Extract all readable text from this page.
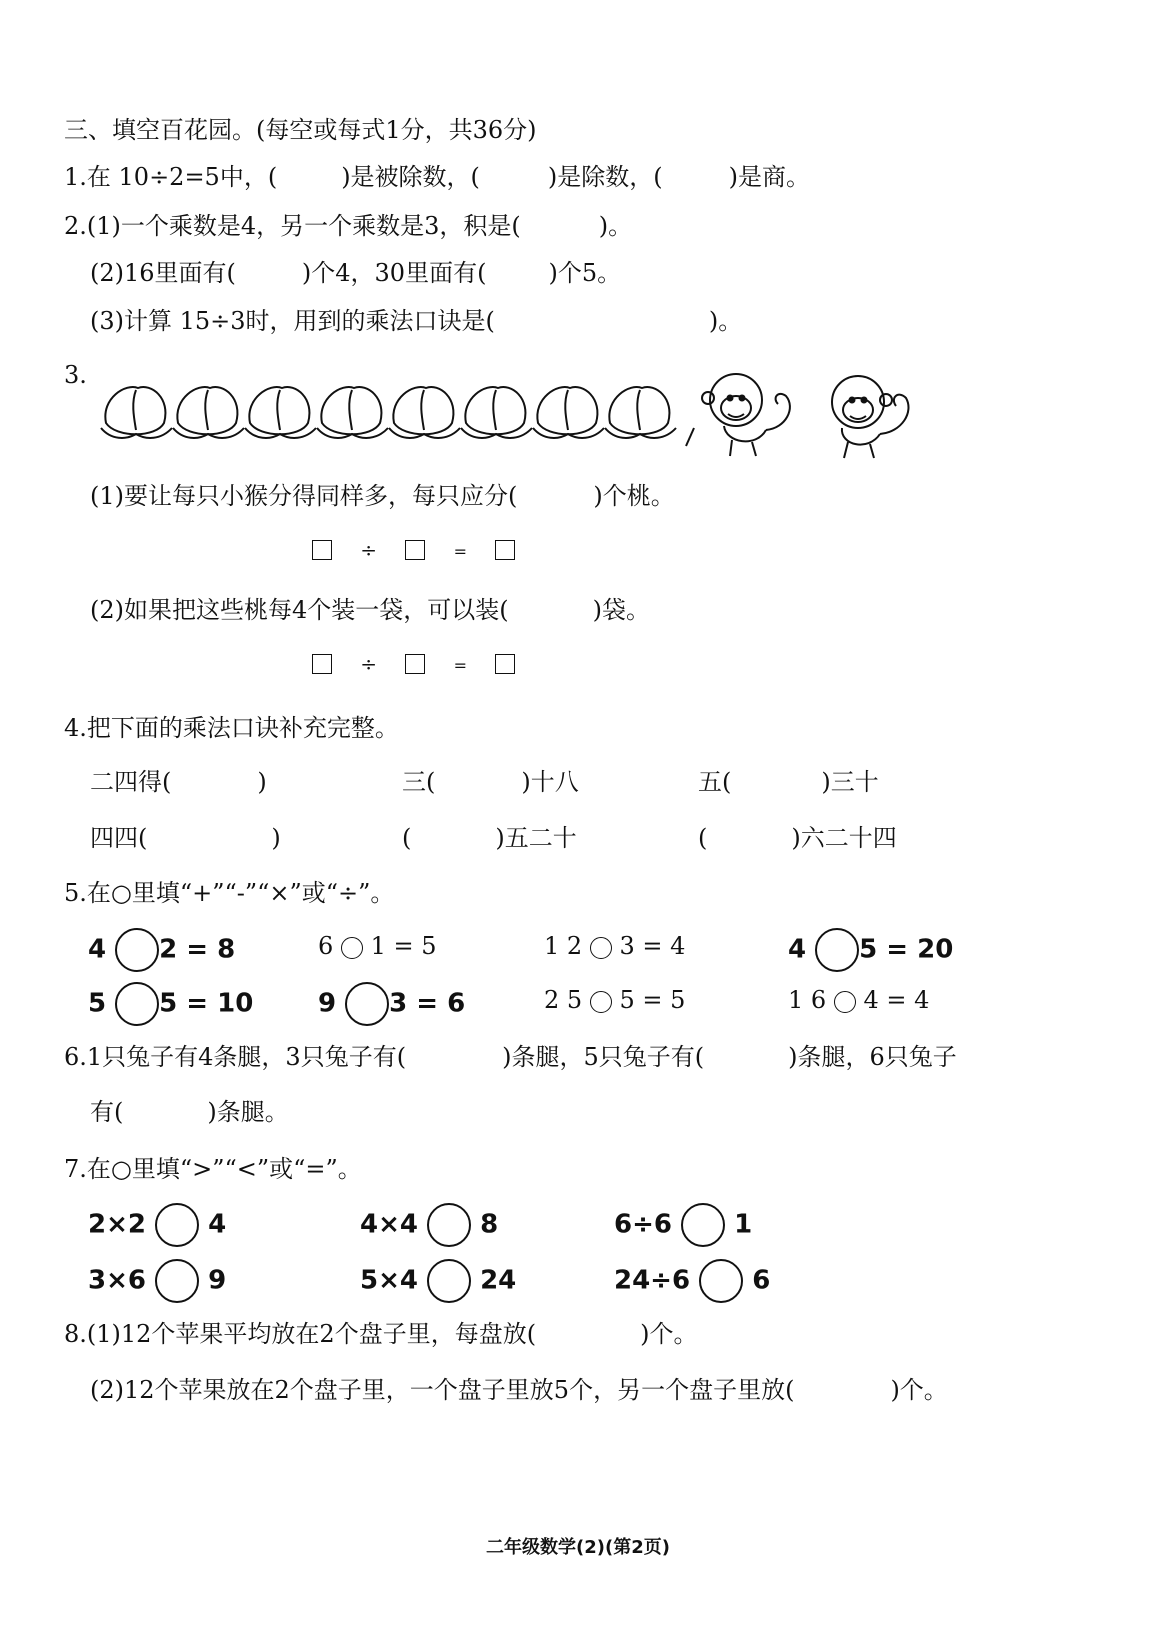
三、填空百花园。(每空或每式1分，共36分)
1.在 10÷2=5中，(	)是被除数，(	)是除数，(	)是商。
2.(1)一个乘数是4，另一个乘数是3，积是(	)。
(2)16里面有(	)个4，30里面有(	)个5。
(3)计算 15÷3时，用到的乘法口诀是(	)。
3.
(1)要让每只小猴分得同样多，每只应分(	)个桃。
÷	=
(2)如果把这些桃每4个装一袋，可以装(	)袋。
÷	=
4.把下面的乘法口诀补充完整。
二四得(	)	三(	)十八	五(	)三十
四四(	)	(	)五二十	(	)六二十四
5.在○里填“+”“-”“×”或“÷”。
4 2 = 8	6 1 = 5	1 2 3 = 4	4 5 = 20
5 5 = 10 9 3 = 6	2 5 5 = 5	1 6 4 = 4
6.1只兔子有4条腿，3只兔子有(	)条腿，5只兔子有(	)条腿，6只兔子
有(	)条腿。
7.在○里填“>”“<”或“=”。
2×2 4	4×4 8	6÷6 1
3×6 9	5×4 24	24÷6 6
8.(1)12个苹果平均放在2个盘子里，每盘放(	)个。
(2)12个苹果放在2个盘子里，一个盘子里放5个，另一个盘子里放(	)个。
二年级数学(2)(第2页)
